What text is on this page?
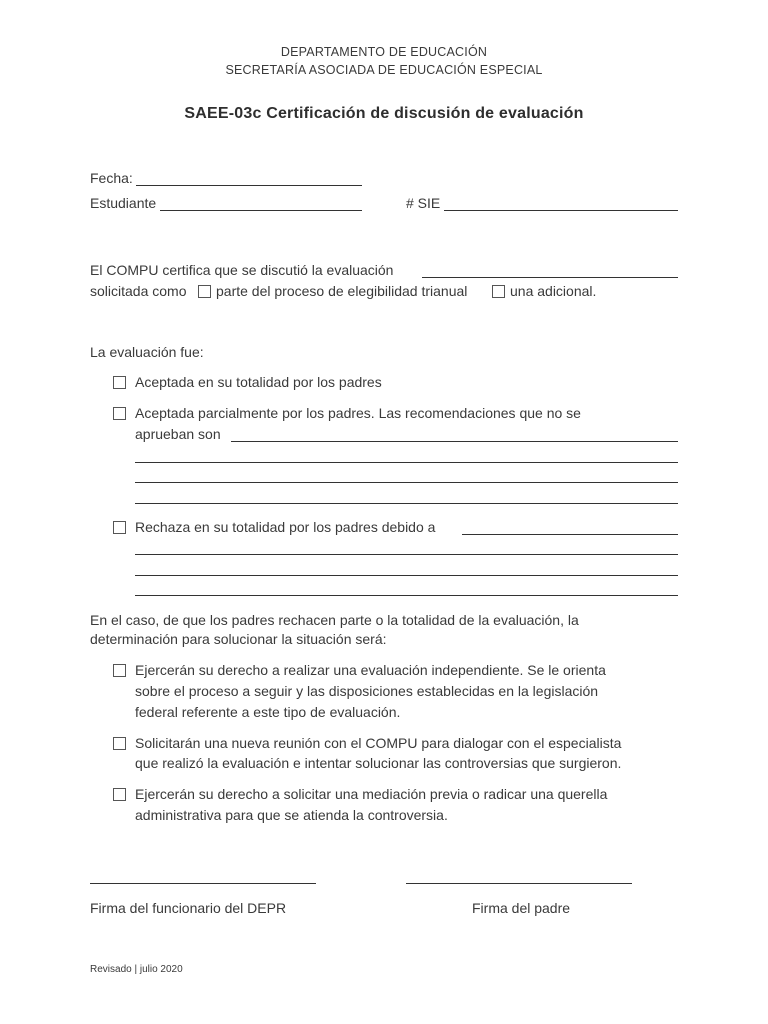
DEPARTAMENTO DE EDUCACIÓN
SECRETARÍA ASOCIADA DE EDUCACIÓN ESPECIAL
SAEE-03c Certificación de discusión de evaluación
Fecha:
Estudiante	# SIE
El COMPU certifica que se discutió la evaluación
solicitada como parte del proceso de elegibilidad trianual	una adicional.
La evaluación fue:
Aceptada en su totalidad por los padres
Aceptada parcialmente por los padres. Las recomendaciones que no se
aprueban son
Rechaza en su totalidad por los padres debido a
En el caso, de que los padres rechacen parte o la totalidad de la evaluación, la
determinación para solucionar la situación será:
Ejercerán su derecho a realizar una evaluación independiente. Se le orienta
sobre el proceso a seguir y las disposiciones establecidas en la legislación
federal referente a este tipo de evaluación.
Solicitarán una nueva reunión con el COMPU para dialogar con el especialista
que realizó la evaluación e intentar solucionar las controversias que surgieron.
Ejercerán su derecho a solicitar una mediación previa o radicar una querella
administrativa para que se atienda la controversia.
Firma del funcionario del DEPR	Firma del padre
Revisado | julio 2020
